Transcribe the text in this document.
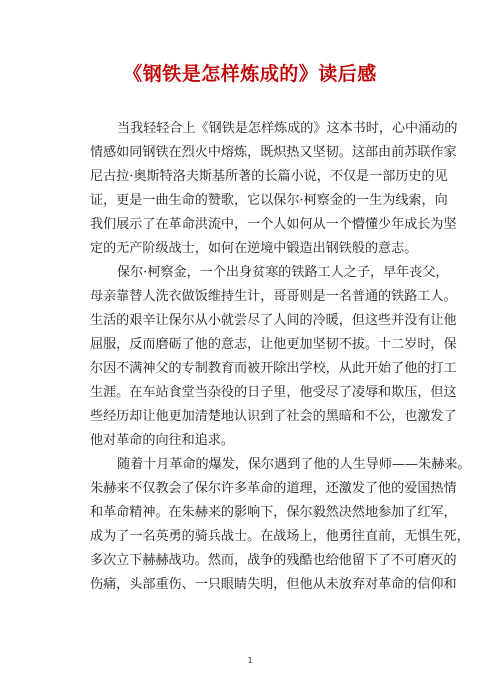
《钢铁是怎样炼成的》读后感
当我轻轻合上《钢铁是怎样炼成的》这本书时，心中涌动的
情感如同钢铁在烈火中熔炼，既炽热又坚韧。这部由前苏联作家
尼古拉·奥斯特洛夫斯基所著的长篇小说，不仅是一部历史的见
证，更是一曲生命的赞歌，它以保尔·柯察金的一生为线索，向
我们展示了在革命洪流中，一个人如何从一个懵懂少年成长为坚
定的无产阶级战士，如何在逆境中锻造出钢铁般的意志。
保尔·柯察金，一个出身贫寒的铁路工人之子，早年丧父，
母亲靠替人洗衣做饭维持生计，哥哥则是一名普通的铁路工人。
生活的艰辛让保尔从小就尝尽了人间的冷暖，但这些并没有让他
屈服，反而磨砺了他的意志，让他更加坚韧不拔。十二岁时，保
尔因不满神父的专制教育而被开除出学校，从此开始了他的打工
生涯。在车站食堂当杂役的日子里，他受尽了凌辱和欺压，但这
些经历却让他更加清楚地认识到了社会的黑暗和不公，也激发了
他对革命的向往和追求。
随着十月革命的爆发，保尔遇到了他的人生导师——朱赫来。
朱赫来不仅教会了保尔许多革命的道理，还激发了他的爱国热情
和革命精神。在朱赫来的影响下，保尔毅然决然地参加了红军，
成为了一名英勇的骑兵战士。在战场上，他勇往直前，无惧生死，
多次立下赫赫战功。然而，战争的残酷也给他留下了不可磨灭的
伤痛，头部重伤、一只眼睛失明，但他从未放弃对革命的信仰和
1
